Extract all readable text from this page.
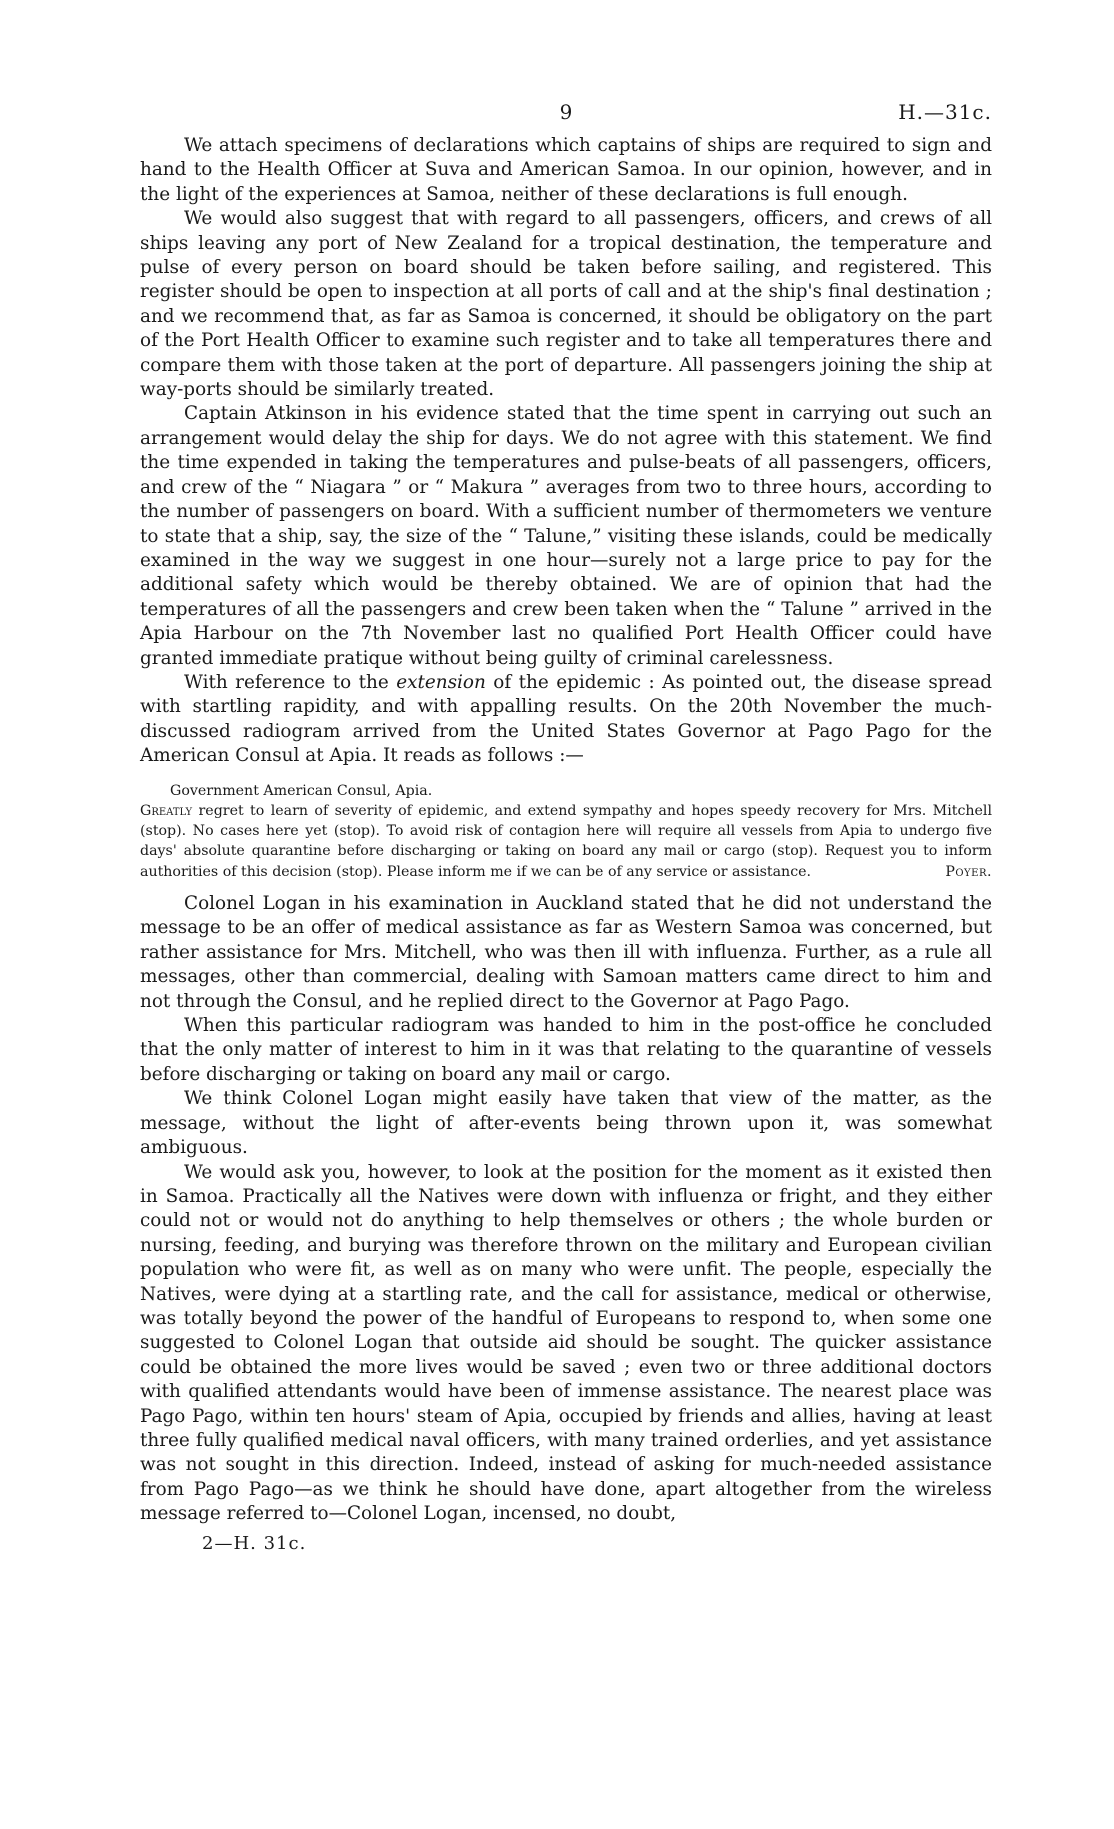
9	H.—31c.

We attach specimens of declarations which captains of ships are required to sign and hand to the Health Officer at Suva and American Samoa. In our opinion, however, and in the light of the experiences at Samoa, neither of these declarations is full enough.

We would also suggest that with regard to all passengers, officers, and crews of all ships leaving any port of New Zealand for a tropical destination, the temperature and pulse of every person on board should be taken before sailing, and registered. This register should be open to inspection at all ports of call and at the ship's final destination ; and we recommend that, as far as Samoa is concerned, it should be obligatory on the part of the Port Health Officer to examine such register and to take all temperatures there and compare them with those taken at the port of departure. All passengers joining the ship at way-ports should be similarly treated.

Captain Atkinson in his evidence stated that the time spent in carrying out such an arrangement would delay the ship for days. We do not agree with this statement. We find the time expended in taking the temperatures and pulse-beats of all passengers, officers, and crew of the “ Niagara ” or “ Makura ” averages from two to three hours, according to the number of passengers on board. With a sufficient number of thermometers we venture to state that a ship, say, the size of the “ Talune,” visiting these islands, could be medically examined in the way we suggest in one hour—surely not a large price to pay for the additional safety which would be thereby obtained. We are of opinion that had the temperatures of all the passengers and crew been taken when the “ Talune ” arrived in the Apia Harbour on the 7th November last no qualified Port Health Officer could have granted immediate pratique without being guilty of criminal carelessness.

With reference to the extension of the epidemic : As pointed out, the disease spread with startling rapidity, and with appalling results. On the 20th November the much-discussed radiogram arrived from the United States Governor at Pago Pago for the American Consul at Apia. It reads as follows :—

Government American Consul, Apia.

Greatly regret to learn of severity of epidemic, and extend sympathy and hopes speedy recovery for Mrs. Mitchell (stop). No cases here yet (stop). To avoid risk of contagion here will require all vessels from Apia to undergo five days' absolute quarantine before discharging or taking on board any mail or cargo (stop). Request you to inform authorities of this decision (stop). Please inform me if we can be of any service or assistance.	Poyer.

Colonel Logan in his examination in Auckland stated that he did not understand the message to be an offer of medical assistance as far as Western Samoa was concerned, but rather assistance for Mrs. Mitchell, who was then ill with influenza. Further, as a rule all messages, other than commercial, dealing with Samoan matters came direct to him and not through the Consul, and he replied direct to the Governor at Pago Pago.

When this particular radiogram was handed to him in the post-office he concluded that the only matter of interest to him in it was that relating to the quarantine of vessels before discharging or taking on board any mail or cargo.

We think Colonel Logan might easily have taken that view of the matter, as the message, without the light of after-events being thrown upon it, was somewhat ambiguous.

We would ask you, however, to look at the position for the moment as it existed then in Samoa. Practically all the Natives were down with influenza or fright, and they either could not or would not do anything to help themselves or others ; the whole burden or nursing, feeding, and burying was therefore thrown on the military and European civilian population who were fit, as well as on many who were unfit. The people, especially the Natives, were dying at a startling rate, and the call for assistance, medical or otherwise, was totally beyond the power of the handful of Europeans to respond to, when some one suggested to Colonel Logan that outside aid should be sought. The quicker assistance could be obtained the more lives would be saved ; even two or three additional doctors with qualified attendants would have been of immense assistance. The nearest place was Pago Pago, within ten hours' steam of Apia, occupied by friends and allies, having at least three fully qualified medical naval officers, with many trained orderlies, and yet assistance was not sought in this direction. Indeed, instead of asking for much-needed assistance from Pago Pago—as we think he should have done, apart altogether from the wireless message referred to—Colonel Logan, incensed, no doubt,

2—H. 31c.
